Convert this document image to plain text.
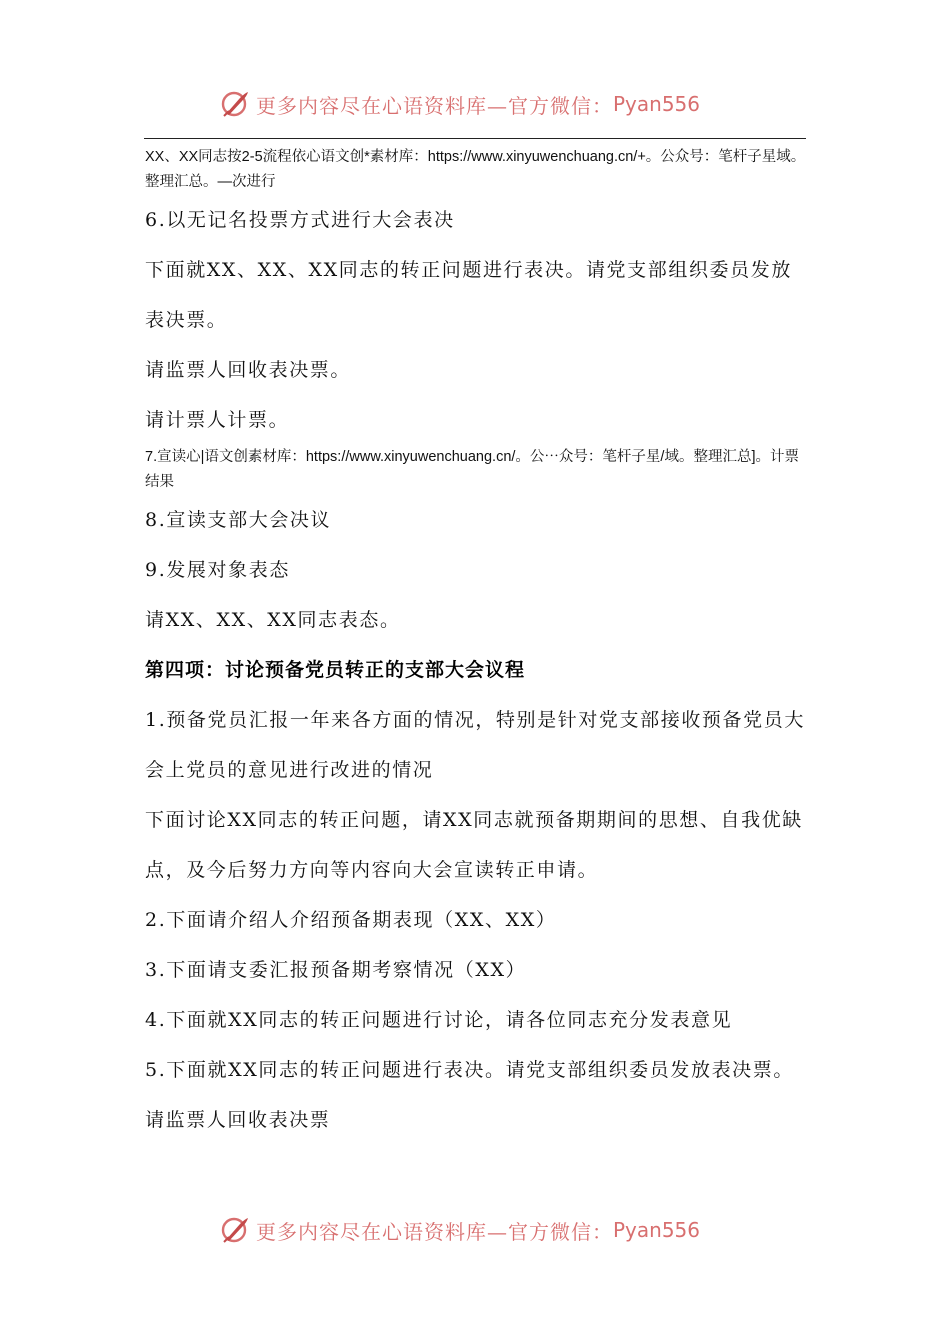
更多内容尽在心语资料库—官方微信： Pyan556

XX、XX同志按2-5流程依心语文创*素材库：https://www.xinyuwenchuang.cn/+。公众号：笔杆子星域。整理汇总。—次进行

6.以无记名投票方式进行大会表决

下面就XX、XX、XX同志的转正问题进行表决。请党支部组织委员发放表决票。

请监票人回收表决票。

请计票人计票。

7.宣读心|语文创素材库：https://www.xinyuwenchuang.cn/。公⋯众号：笔杆子星/域。整理汇总]。计票结果

8.宣读支部大会决议

9.发展对象表态

请XX、XX、XX同志表态。

第四项：讨论预备党员转正的支部大会议程

1.预备党员汇报一年来各方面的情况，特别是针对党支部接收预备党员大会上党员的意见进行改进的情况

下面讨论XX同志的转正问题，请XX同志就预备期期间的思想、自我优缺点，及今后努力方向等内容向大会宣读转正申请。

2.下面请介绍人介绍预备期表现（XX、XX）

3.下面请支委汇报预备期考察情况（XX）

4.下面就XX同志的转正问题进行讨论，请各位同志充分发表意见

5.下面就XX同志的转正问题进行表决。请党支部组织委员发放表决票。

请监票人回收表决票

更多内容尽在心语资料库—官方微信： Pyan556
